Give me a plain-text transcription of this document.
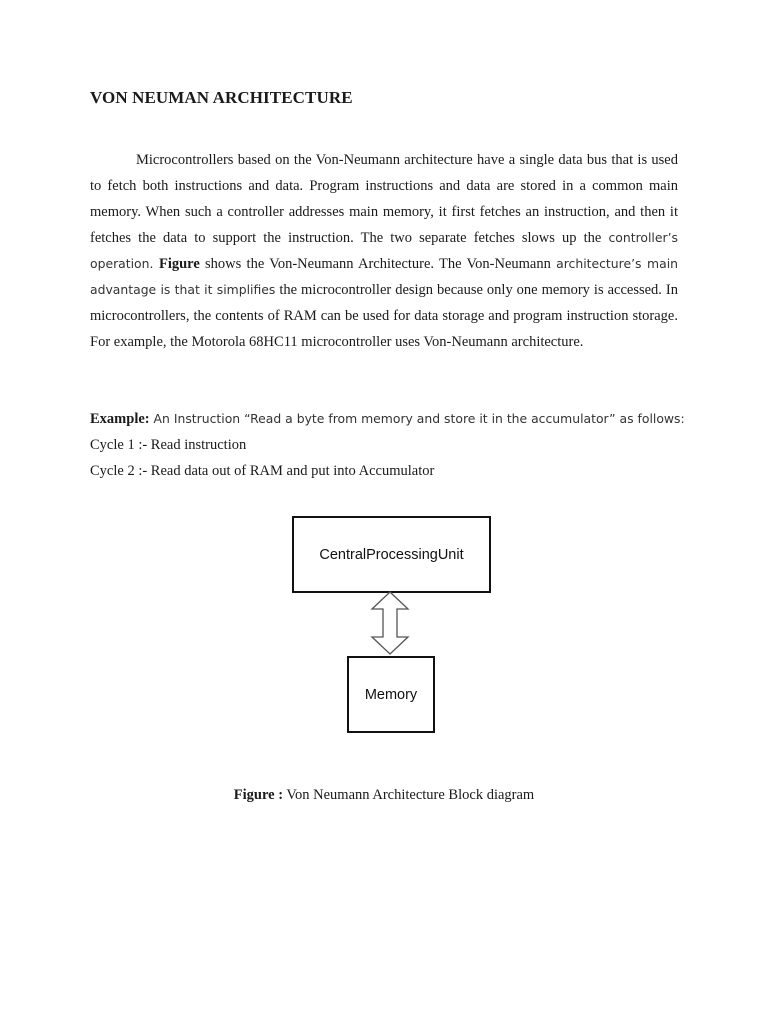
VON NEUMAN ARCHITECTURE

Microcontrollers based on the Von-Neumann architecture have a single data bus that is used to fetch both instructions and data. Program instructions and data are stored in a common main memory. When such a controller addresses main memory, it first fetches an instruction, and then it fetches the data to support the instruction. The two separate fetches slows up the controller’s operation. Figure shows the Von-Neumann Architecture. The Von-Neumann architecture’s main advantage is that it simplifies the microcontroller design because only one memory is accessed. In microcontrollers, the contents of RAM can be used for data storage and program instruction storage. For example, the Motorola 68HC11 microcontroller uses Von-Neumann architecture.

Example: An Instruction “Read a byte from memory and store it in the accumulator” as follows:

Cycle 1 :- Read instruction

Cycle 2 :- Read data out of RAM and put into Accumulator

CentralProcessingUnit
Memory

Figure : Von Neumann Architecture Block diagram
